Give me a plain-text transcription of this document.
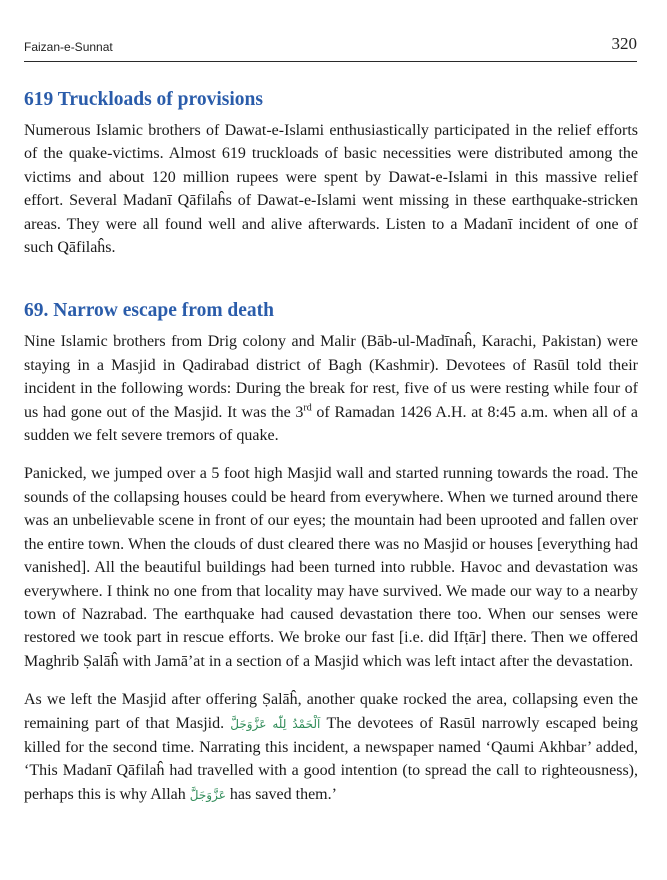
Faizan-e-Sunnat	320
619 Truckloads of provisions

Numerous Islamic brothers of Dawat-e-Islami enthusiastically participated in the relief efforts of the quake-victims. Almost 619 truckloads of basic necessities were distributed among the victims and about 120 million rupees were spent by Dawat-e-Islami in this massive relief effort. Several Madanī Qāfilaĥs of Dawat-e-Islami went missing in these earthquake-stricken areas. They were all found well and alive afterwards. Listen to a Madanī incident of one of such Qāfilaĥs.

69. Narrow escape from death

Nine Islamic brothers from Drig colony and Malir (Bāb-ul-Madīnaĥ, Karachi, Pakistan) were staying in a Masjid in Qadirabad district of Bagh (Kashmir). Devotees of Rasūl told their incident in the following words: During the break for rest, five of us were resting while four of us had gone out of the Masjid. It was the 3rd of Ramadan 1426 A.H. at 8:45 a.m. when all of a sudden we felt severe tremors of quake.

Panicked, we jumped over a 5 foot high Masjid wall and started running towards the road. The sounds of the collapsing houses could be heard from everywhere. When we turned around there was an unbelievable scene in front of our eyes; the mountain had been uprooted and fallen over the entire town. When the clouds of dust cleared there was no Masjid or houses [everything had vanished]. All the beautiful buildings had been turned into rubble. Havoc and devastation was everywhere. I think no one from that locality may have survived. We made our way to a nearby town of Nazrabad. The earthquake had caused devastation there too. When our senses were restored we took part in rescue efforts. We broke our fast [i.e. did Ifṭār] there. Then we offered Maghrib Ṣalāĥ with Jamā’at in a section of a Masjid which was left intact after the devastation.

As we left the Masjid after offering Ṣalāĥ, another quake rocked the area, collapsing even the remaining part of that Masjid. اَلْحَمْدُ لِلّٰه عَزَّوَجَلَّ The devotees of Rasūl narrowly escaped being killed for the second time. Narrating this incident, a newspaper named ‘Qaumi Akhbar’ added, ‘This Madanī Qāfilaĥ had travelled with a good intention (to spread the call to righteousness), perhaps this is why Allah عَزَّوَجَلَّ has saved them.’
